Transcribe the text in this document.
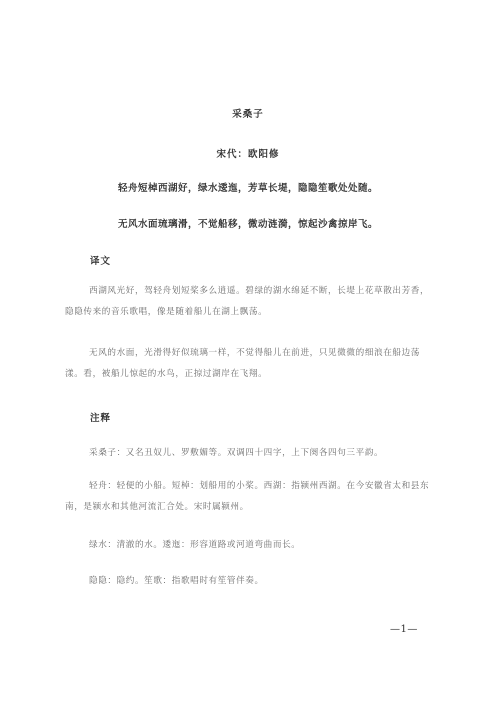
采桑子
宋代：欧阳修
轻舟短棹西湖好，绿水逶迤，芳草长堤，隐隐笙歌处处随。
无风水面琉璃滑，不觉船移，微动涟漪，惊起沙禽掠岸飞。
译文

西湖风光好，驾轻舟划短桨多么逍遥。碧绿的湖水绵延不断，长堤上花草散出芳香，隐隐传来的音乐歌唱，像是随着船儿在湖上飘荡。

无风的水面，光滑得好似琉璃一样，不觉得船儿在前进，只见微微的细浪在船边荡漾。看，被船儿惊起的水鸟，正掠过湖岸在飞翔。

注释

采桑子：又名丑奴儿、罗敷媚等。双调四十四字，上下阕各四句三平韵。

轻舟：轻便的小船。短棹：划船用的小桨。西湖：指颍州西湖。在今安徽省太和县东南，是颍水和其他河流汇合处。宋时属颍州。

绿水：清澈的水。逶迤：形容道路或河道弯曲而长。

隐隐：隐约。笙歌：指歌唱时有笙管伴奏。

—1—
